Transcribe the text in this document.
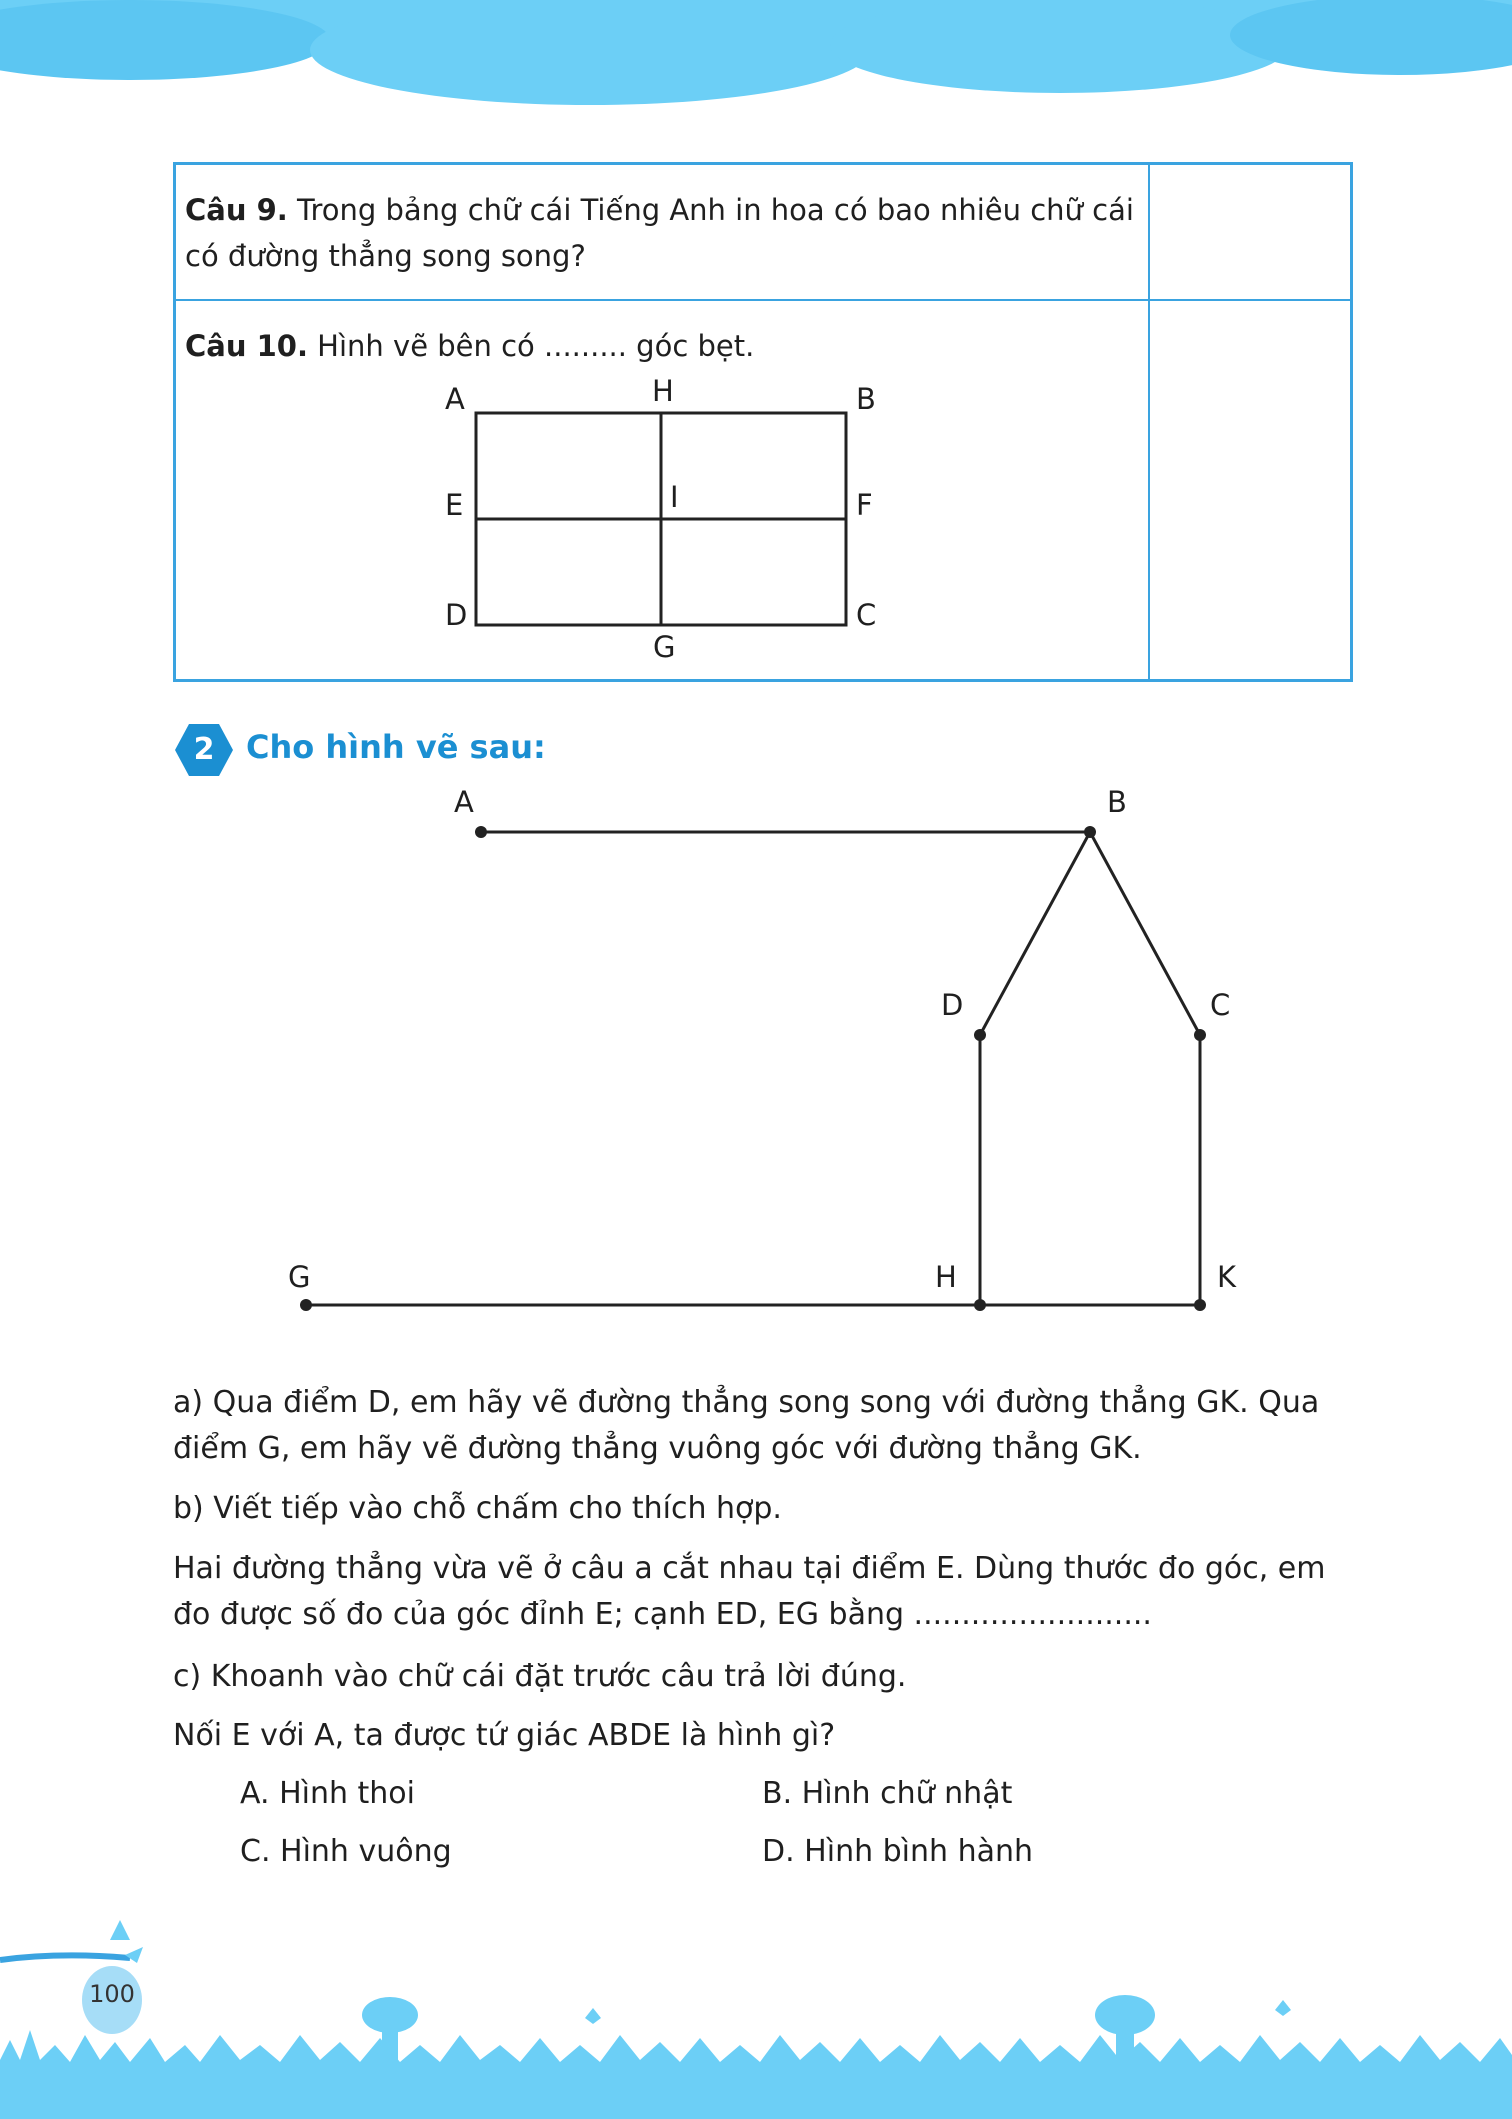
Câu 9. Trong bảng chữ cái Tiếng Anh in hoa có bao nhiêu chữ cái có đường thẳng song song?
Câu 10. Hình vẽ bên có ......... góc bẹt.
A	H	B
E	I	F
D
G
C
2 Cho hình vẽ sau:
A	B
D	C
G	H	K
a) Qua điểm D, em hãy vẽ đường thẳng song song với đường thẳng GK. Qua điểm G, em hãy vẽ đường thẳng vuông góc với đường thẳng GK.
b) Viết tiếp vào chỗ chấm cho thích hợp.
Hai đường thẳng vừa vẽ ở câu a cắt nhau tại điểm E. Dùng thước đo góc, em đo được số đo của góc đỉnh E; cạnh ED, EG bằng .........................
c) Khoanh vào chữ cái đặt trước câu trả lời đúng.
Nối E với A, ta được tứ giác ABDE là hình gì?
A. Hình thoi	B. Hình chữ nhật
C. Hình vuông	D. Hình bình hành
100
